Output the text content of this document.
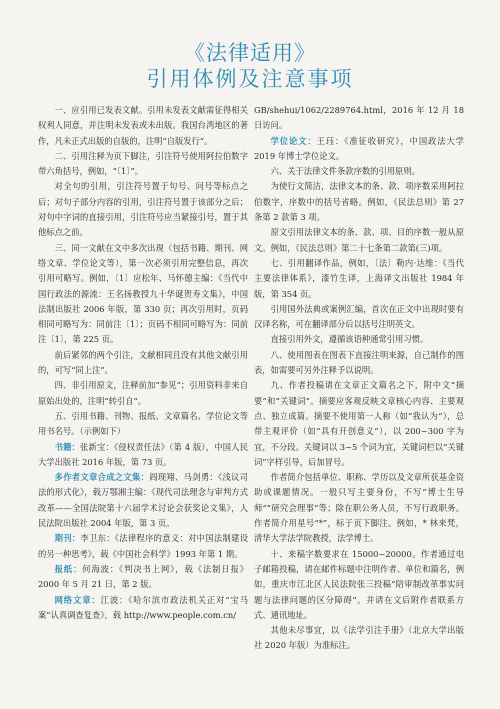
《法律适用》
引用体例及注意事项

一、应引用已发表文献。引用未发表文献需征得相关权利人同意，并注明未发表或未出版。我国台湾地区的著作，凡未正式出版的自版的，注明“自版发行”。

二、引用注释为页下脚注，引注符号使用阿拉伯数字带六角括号，例如，“〔1〕”。

对全句的引用，引注符号置于句号、问号等标点之后；对句子部分内容的引用，引注符号置于该部分之后；对句中字词的直接引用，引注符号应当紧接引号，置于其他标点之前。

三、同一文献在文中多次出现（包括书籍、期刊、网络文章、学位论文等），第一次必须引用完整信息，再次引用可略写。例如，〔1〕应松年、马怀德主编：《当代中国行政法的源流：王名扬教授九十华诞贺寿文集》，中国法制出版社 2006 年版，第 330 页；再次引用时，页码相同可略写为：同前注〔1〕；页码不相同可略写为：同前注〔1〕，第 225 页。

前后紧邻的两个引注，文献相同且没有其他文献引用的，可写“同上注”。

四、非引用原文，注释前加“参见”；引用资料非来自原始出处的，注明“转引自”。

五、引用书籍、刊物、报纸、文章篇名、学位论文等用书名号。（示例如下）

书籍：张新宝：《侵权责任法》（第 4 版），中国人民大学出版社 2016 年版，第 73 页。

多作者文章合成之文集：阎现翔、马剑勇：《浅议司法的形式化》，载万鄂湘主编：《现代司法理念与审判方式改革——全国法院第十六届学术讨论会获奖论文集》，人民法院出版社 2004 年版，第 3 页。

期刊：李卫东：《法律程序的意义：对中国法制建设的另一种思考》，载《中国社会科学》1993 年第 1 期。

报纸：何海波：《判决书上网》，载《法制日报》2000 年 5 月 21 日，第 2 版。

网络文章：江波：《哈尔滨市政法机关正对“宝马案”认真调查复查》，载 http://www.people.com.cn/

GB/shehui/1062/2289764.html，2016 年 12 月 18 日访问。

学位论文：王珏：《准征收研究》，中国政法大学 2019 年博士学位论文。

六、关于法律文件条款序数的引用原则。

为使行文简洁，法律文本的条、款、项序数采用阿拉伯数字，序数中的括号省略。例如，《民法总则》第 27 条第 2 款第 3 项。

原文引用法律文本的条、款、项、目的序数一般从原文。例如，《民法总则》第二十七条第二款第(三)项。

七、引用翻译作品，例如，〔法〕勒内·达维：《当代主要法律体系》，漆竹生译，上海译文出版社 1984 年版，第 354 页。

引用国外法典或案例汇编，首次在正文中出现时要有汉译名称，可在翻译部分后以括号注明英文。

直接引用外文，遵循该语种通常引用习惯。

八、使用图表在图表下直接注明来源，自己制作的图表，如需要可另外注释予以说明。

九、作者投稿请在文章正文篇名之下，附中文“摘要”和“关键词”。摘要应客观反映文章核心内容、主要观点、独立成篇。摘要不使用第一人称（如“我认为”），总带主观评价（如“具有开创意义”），以 200~300 字为宜，不分段。关键词以 3~5 个词为宜，关键词栏以“关键词”字样引导，后加冒号。

作者简介包括单位、职称、学历以及文章所获基金资助或课题情况。一般只写主要身份，不写“博士生导师”“研究会理事”等；除在职公务人员，不写行政职务。作者简介用星号“*”，标于页下脚注。例如，* 林来梵，清华大学法学院教授，法学博士。

十、来稿字数要求在 15000~20000。作者通过电子邮箱投稿，请在邮件标题中注明作者、单位和篇名，例如，重庆市江北区人民法院张三投稿“陪审制改革事实问题与法律问题的区分障碍”。并请在文后附作者联系方式、通讯地址。

其他未尽事宜，以《法学引注手册》（北京大学出版社 2020 年版）为准标注。
